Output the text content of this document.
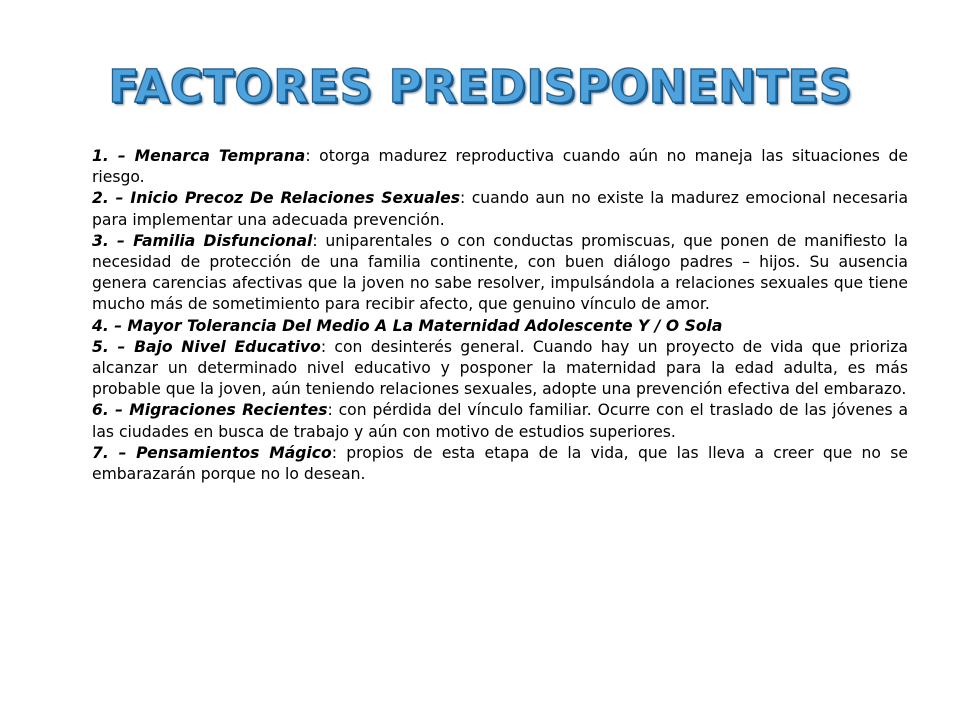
FACTORES PREDISPONENTES

1. – Menarca Temprana: otorga madurez reproductiva cuando aún no maneja las situaciones de riesgo.

2. – Inicio Precoz De Relaciones Sexuales: cuando aun no existe la madurez emocional necesaria para implementar una adecuada prevención.

3. – Familia Disfuncional: uniparentales o con conductas promiscuas, que ponen de manifiesto la necesidad de protección de una familia continente, con buen diálogo padres – hijos. Su ausencia genera carencias afectivas que la joven no sabe resolver, impulsándola a relaciones sexuales que tiene mucho más de sometimiento para recibir afecto, que genuino vínculo de amor.

4. – Mayor Tolerancia Del Medio A La Maternidad Adolescente Y / O Sola

5. – Bajo Nivel Educativo: con desinterés general. Cuando hay un proyecto de vida que prioriza alcanzar un determinado nivel educativo y posponer la maternidad para la edad adulta, es más probable que la joven, aún teniendo relaciones sexuales, adopte una prevención efectiva del embarazo.

6. – Migraciones Recientes: con pérdida del vínculo familiar. Ocurre con el traslado de las jóvenes a las ciudades en busca de trabajo y aún con motivo de estudios superiores.

7. – Pensamientos Mágico: propios de esta etapa de la vida, que las lleva a creer que no se embarazarán porque no lo desean.
